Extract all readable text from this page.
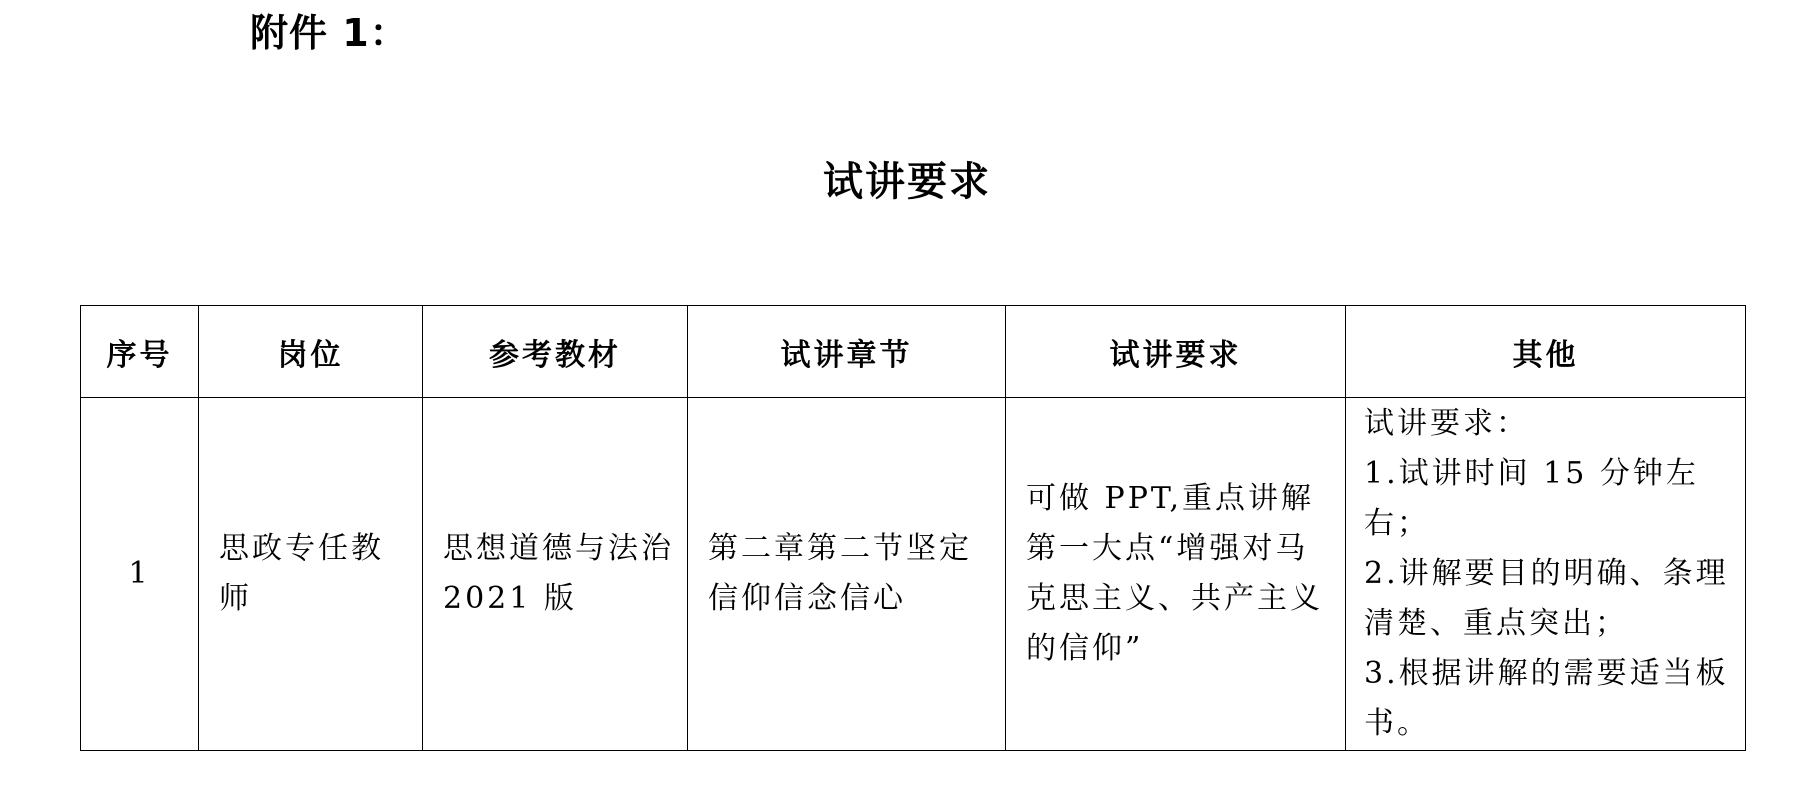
附件 1：
试讲要求
序号	岗位	参考教材	试讲章节	试讲要求	其他
1	思政专任教师	思想道德与法治 2021 版	第二章第二节坚定信仰信念信心	可做 PPT,重点讲解第一大点“增强对马克思主义、共产主义的信仰”	试讲要求：
1.试讲时间 15 分钟左右；
2.讲解要目的明确、条理清楚、重点突出；
3.根据讲解的需要适当板书。
